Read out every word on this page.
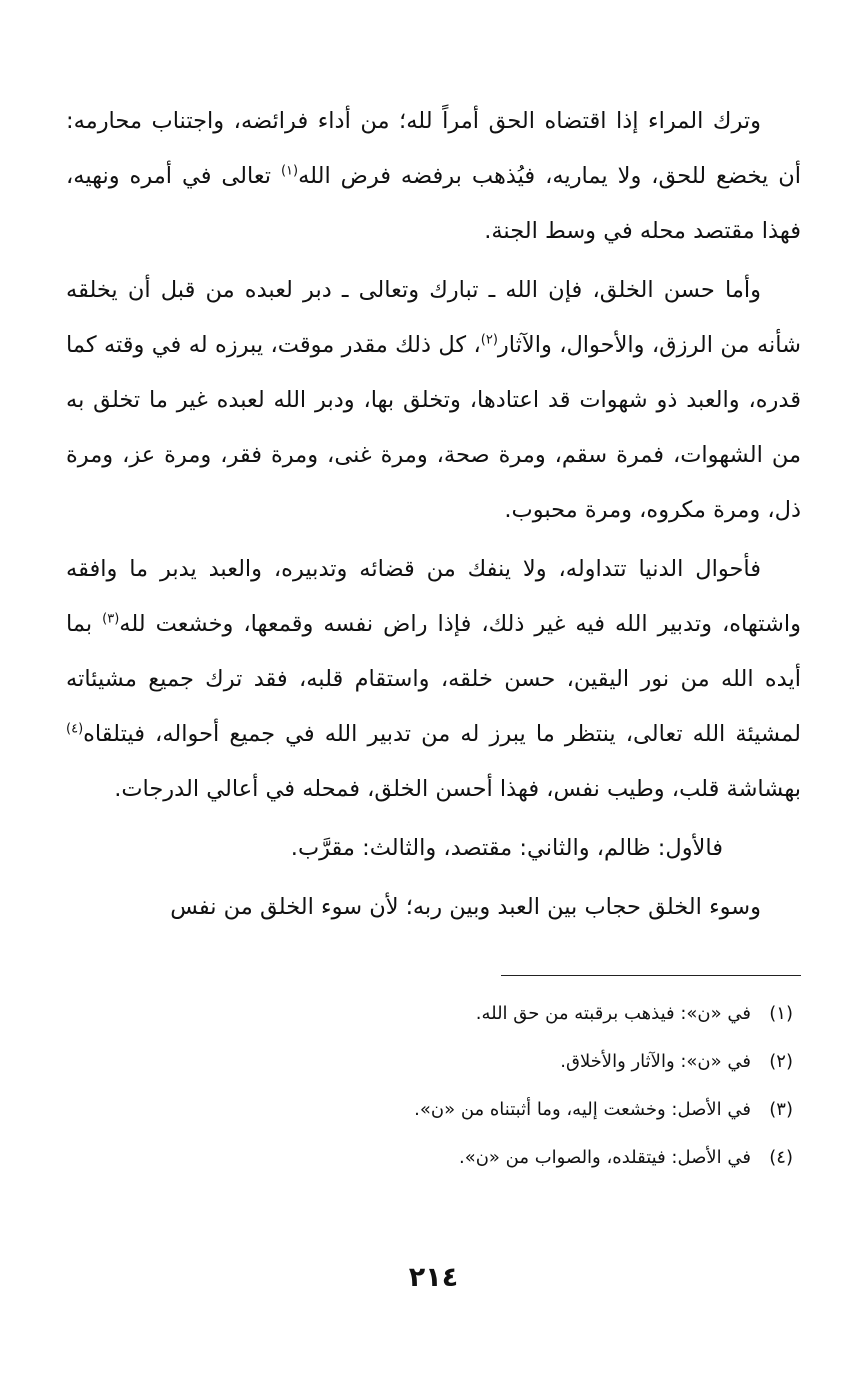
وترك المراء إذا اقتضاه الحق أمراً لله؛ من أداء فرائضه، واجتناب محارمه: أن يخضع للحق، ولا يماريه، فيُذهب برفضه فرض الله$^{(١)}$ تعالى في أمره ونهيه، فهذا مقتصد محله في وسط الجنة.

وأما حسن الخلق، فإن الله ـ تبارك وتعالى ـ دبر لعبده من قبل أن يخلقه شأنه من الرزق، والأحوال، والآثار$^{(٢)}$، كل ذلك مقدر موقت، يبرزه له في وقته كما قدره، والعبد ذو شهوات قد اعتادها، وتخلق بها، ودبر الله لعبده غير ما تخلق به من الشهوات، فمرة سقم، ومرة صحة، ومرة غنى، ومرة فقر، ومرة عز، ومرة ذل، ومرة مكروه، ومرة محبوب.

فأحوال الدنيا تتداوله، ولا ينفك من قضائه وتدبيره، والعبد يدبر ما وافقه واشتهاه، وتدبير الله فيه غير ذلك، فإذا راض نفسه وقمعها، وخشعت لله$^{(٣)}$ بما أيده الله من نور اليقين، حسن خلقه، واستقام قلبه، فقد ترك جميع مشيئاته لمشيئة الله تعالى، ينتظر ما يبرز له من تدبير الله في جميع أحواله، فيتلقاه$^{(٤)}$ بهشاشة قلب، وطيب نفس، فهذا أحسن الخلق، فمحله في أعالي الدرجات.

فالأول: ظالم، والثاني: مقتصد، والثالث: مقرَّب.

وسوء الخلق حجاب بين العبد وبين ربه؛ لأن سوء الخلق من نفس

(١)في «ن»: فيذهب برقبته من حق الله.
(٢)في «ن»: والآثار والأخلاق.
(٣)في الأصل: وخشعت إليه، وما أثبتناه من «ن».
(٤)في الأصل: فيتقلده، والصواب من «ن».
٢١٤
